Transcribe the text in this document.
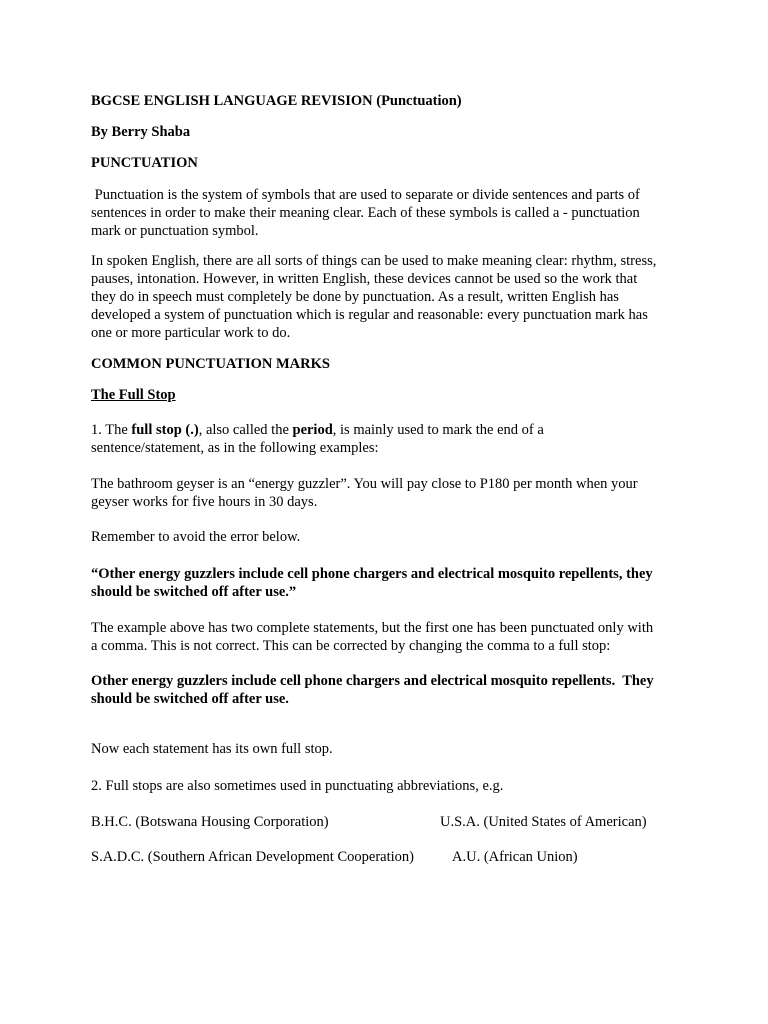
BGCSE ENGLISH LANGUAGE REVISION (Punctuation)
By Berry Shaba
PUNCTUATION
Punctuation is the system of symbols that are used to separate or divide sentences and parts of
sentences in order to make their meaning clear. Each of these symbols is called a - punctuation
mark or punctuation symbol.
In spoken English, there are all sorts of things can be used to make meaning clear: rhythm, stress,
pauses, intonation. However, in written English, these devices cannot be used so the work that
they do in speech must completely be done by punctuation. As a result, written English has
developed a system of punctuation which is regular and reasonable: every punctuation mark has
one or more particular work to do.
COMMON PUNCTUATION MARKS
The Full Stop
1. The full stop (.), also called the period, is mainly used to mark the end of a
sentence/statement, as in the following examples:
The bathroom geyser is an “energy guzzler”. You will pay close to P180 per month when your
geyser works for five hours in 30 days.
Remember to avoid the error below.
“Other energy guzzlers include cell phone chargers and electrical mosquito repellents, they
should be switched off after use.”
The example above has two complete statements, but the first one has been punctuated only with
a comma. This is not correct. This can be corrected by changing the comma to a full stop:
Other energy guzzlers include cell phone chargers and electrical mosquito repellents.  They
should be switched off after use.
Now each statement has its own full stop.
2. Full stops are also sometimes used in punctuating abbreviations, e.g.
B.H.C. (Botswana Housing Corporation)	U.S.A. (United States of American)
S.A.D.C. (Southern African Development Cooperation)	A.U. (African Union)
